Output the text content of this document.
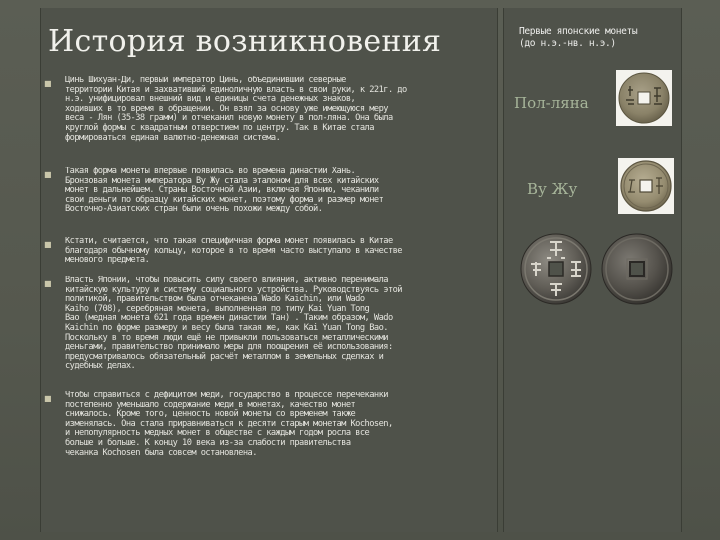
История возникновения
■ Цинь Шихуан-Ди, первый император Цинь, объединивший северные
территории Китая и захвативший единоличную власть в свои руки, к 221г. до
н.э. унифицировал внешний вид и единицы счета денежных знаков,
ходивших в то время в обращении. Он взял за основу уже имеющуюся меру
веса - Лян (35-38 грамм) и отчеканил новую монету в пол-ляна. Она была
круглой формы с квадратным отверстием по центру. Так в Китае стала
формироваться единая валютно-денежная система.
■ Такая форма монеты впервые появилась во времена династии Хань.
Бронзовая монета императора Ву Жу стала эталоном для всех китайских
монет в дальнейшем. Страны Восточной Азии, включая Японию, чеканили
свои деньги по образцу китайских монет, поэтому форма и размер монет
Восточно-Азиатских стран были очень похожи между собой.
■ Кстати, считается, что такая специфичная форма монет появилась в Китае
благодаря обычному кольцу, которое в то время часто выступало в качестве
менового предмета.
■ Власть Японии, чтобы повысить силу своего влияния, активно перенимала
китайскую культуру и систему социального устройства. Руководствуясь этой
политикой, правительством была отчеканена Wado Kaichin, или Wado
Kaiho (708), серебряная монета, выполненная по типу Kai Yuan Tong
Bao (медная монета 621 года времен династии Тан) . Таким образом, Wado
Kaichin по форме размеру и весу была такая же, как Kai Yuan Tong Bao.
Поскольку в то время люди ещё не привыкли пользоваться металлическими
деньгами, правительство принимало меры для поощрения её использования:
предусматривалось обязательный расчёт металлом в земельных сделках и
судебных делах.
■ Чтобы справиться с дефицитом меди, государство в процессе перечеканки
постепенно уменьшало содержание меди в монетах, качество монет
снижалось. Кроме того, ценность новой монеты со временем также
изменялась. Она стала приравниваться к десяти старым монетам Kochosen,
и непопулярность медных монет в обществе с каждым годом росла все
больше и больше. К концу 10 века из-за слабости правительства
чеканка Kochosen была совсем остановлена.
Первые японские монеты
(до н.э.-нв. н.э.)
Пол-ляна
Ву Жу
